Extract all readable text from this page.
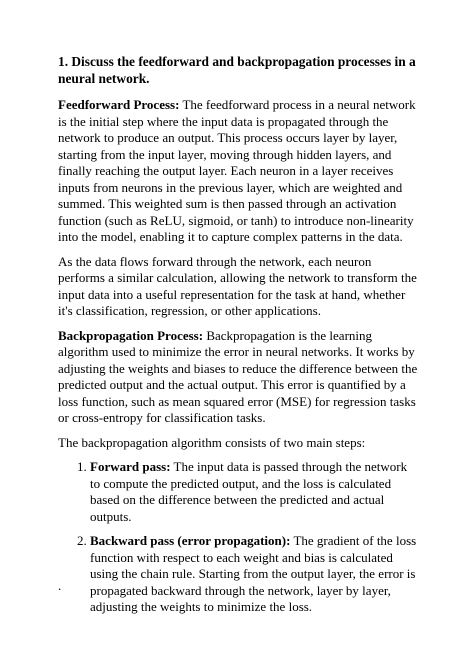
1. Discuss the feedforward and backpropagation processes in a neural network.

Feedforward Process: The feedforward process in a neural network is the initial step where the input data is propagated through the network to produce an output. This process occurs layer by layer, starting from the input layer, moving through hidden layers, and finally reaching the output layer. Each neuron in a layer receives inputs from neurons in the previous layer, which are weighted and summed. This weighted sum is then passed through an activation function (such as ReLU, sigmoid, or tanh) to introduce non-linearity into the model, enabling it to capture complex patterns in the data.

As the data flows forward through the network, each neuron performs a similar calculation, allowing the network to transform the input data into a useful representation for the task at hand, whether it's classification, regression, or other applications.

Backpropagation Process: Backpropagation is the learning algorithm used to minimize the error in neural networks. It works by adjusting the weights and biases to reduce the difference between the predicted output and the actual output. This error is quantified by a loss function, such as mean squared error (MSE) for regression tasks or cross-entropy for classification tasks.

The backpropagation algorithm consists of two main steps:

1. Forward pass: The input data is passed through the network to compute the predicted output, and the loss is calculated based on the difference between the predicted and actual outputs.
2. Backward pass (error propagation): The gradient of the loss function with respect to each weight and bias is calculated using the chain rule. Starting from the output layer, the error is propagated backward through the network, layer by layer, adjusting the weights to minimize the loss.
.
